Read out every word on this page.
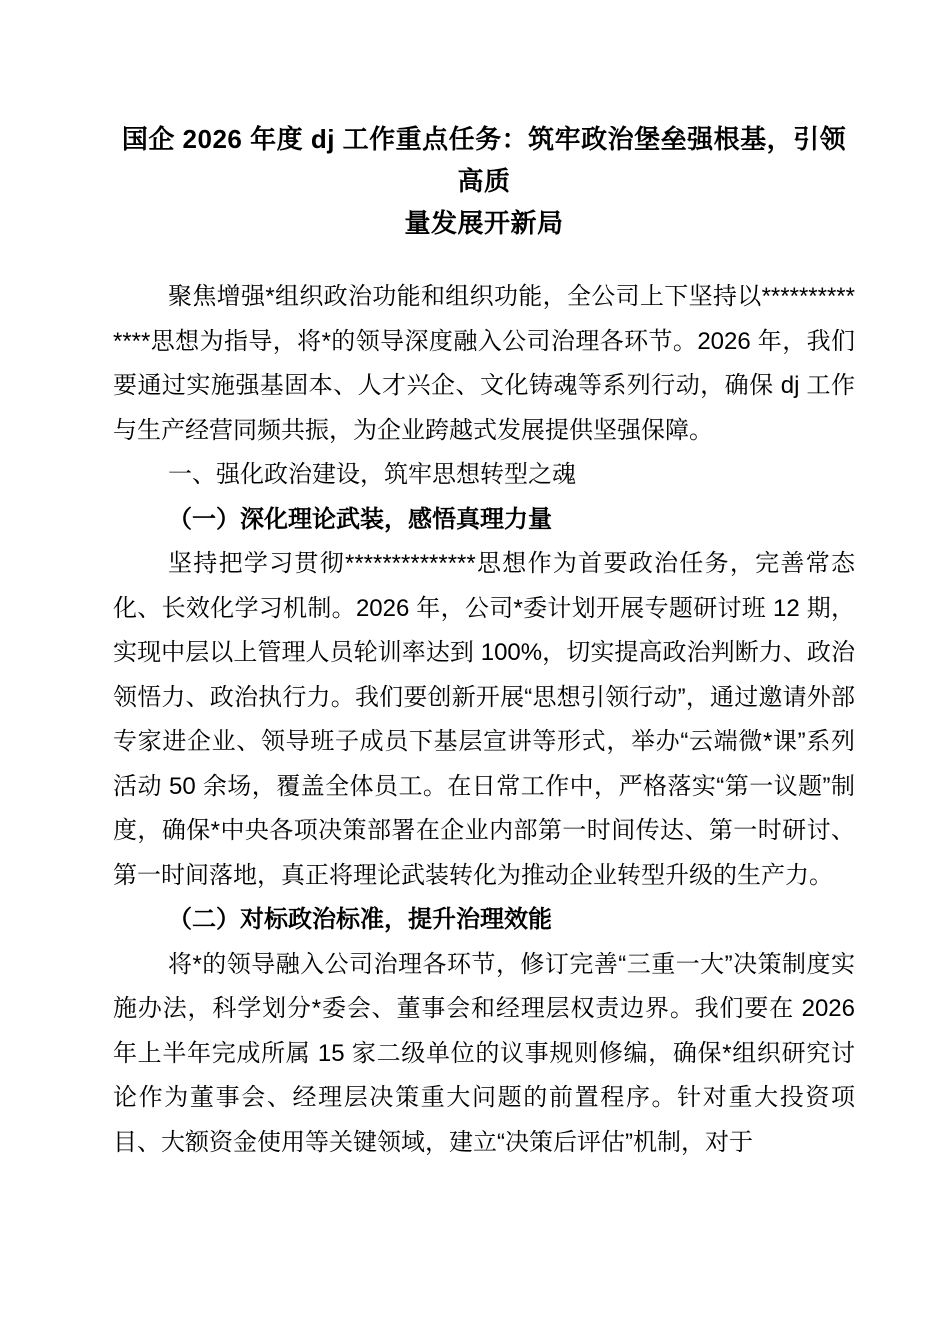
国企 2026 年度 dj 工作重点任务：筑牢政治堡垒强根基，引领高质
量发展开新局

聚焦增强*组织政治功能和组织功能，全公司上下坚持以**************思想为指导，将*的领导深度融入公司治理各环节。2026 年，我们要通过实施强基固本、人才兴企、文化铸魂等系列行动，确保 dj 工作与生产经营同频共振，为企业跨越式发展提供坚强保障。

一、强化政治建设，筑牢思想转型之魂

（一）深化理论武装，感悟真理力量

坚持把学习贯彻**************思想作为首要政治任务，完善常态化、长效化学习机制。2026 年，公司*委计划开展专题研讨班 12 期，实现中层以上管理人员轮训率达到 100%，切实提高政治判断力、政治领悟力、政治执行力。我们要创新开展“思想引领行动”，通过邀请外部专家进企业、领导班子成员下基层宣讲等形式，举办“云端微*课”系列活动 50 余场，覆盖全体员工。在日常工作中，严格落实“第一议题”制度，确保*中央各项决策部署在企业内部第一时间传达、第一时研讨、第一时间落地，真正将理论武装转化为推动企业转型升级的生产力。

（二）对标政治标准，提升治理效能

将*的领导融入公司治理各环节，修订完善“三重一大”决策制度实施办法，科学划分*委会、董事会和经理层权责边界。我们要在 2026 年上半年完成所属 15 家二级单位的议事规则修编，确保*组织研究讨论作为董事会、经理层决策重大问题的前置程序。针对重大投资项目、大额资金使用等关键领域，建立“决策后评估”机制，对于
